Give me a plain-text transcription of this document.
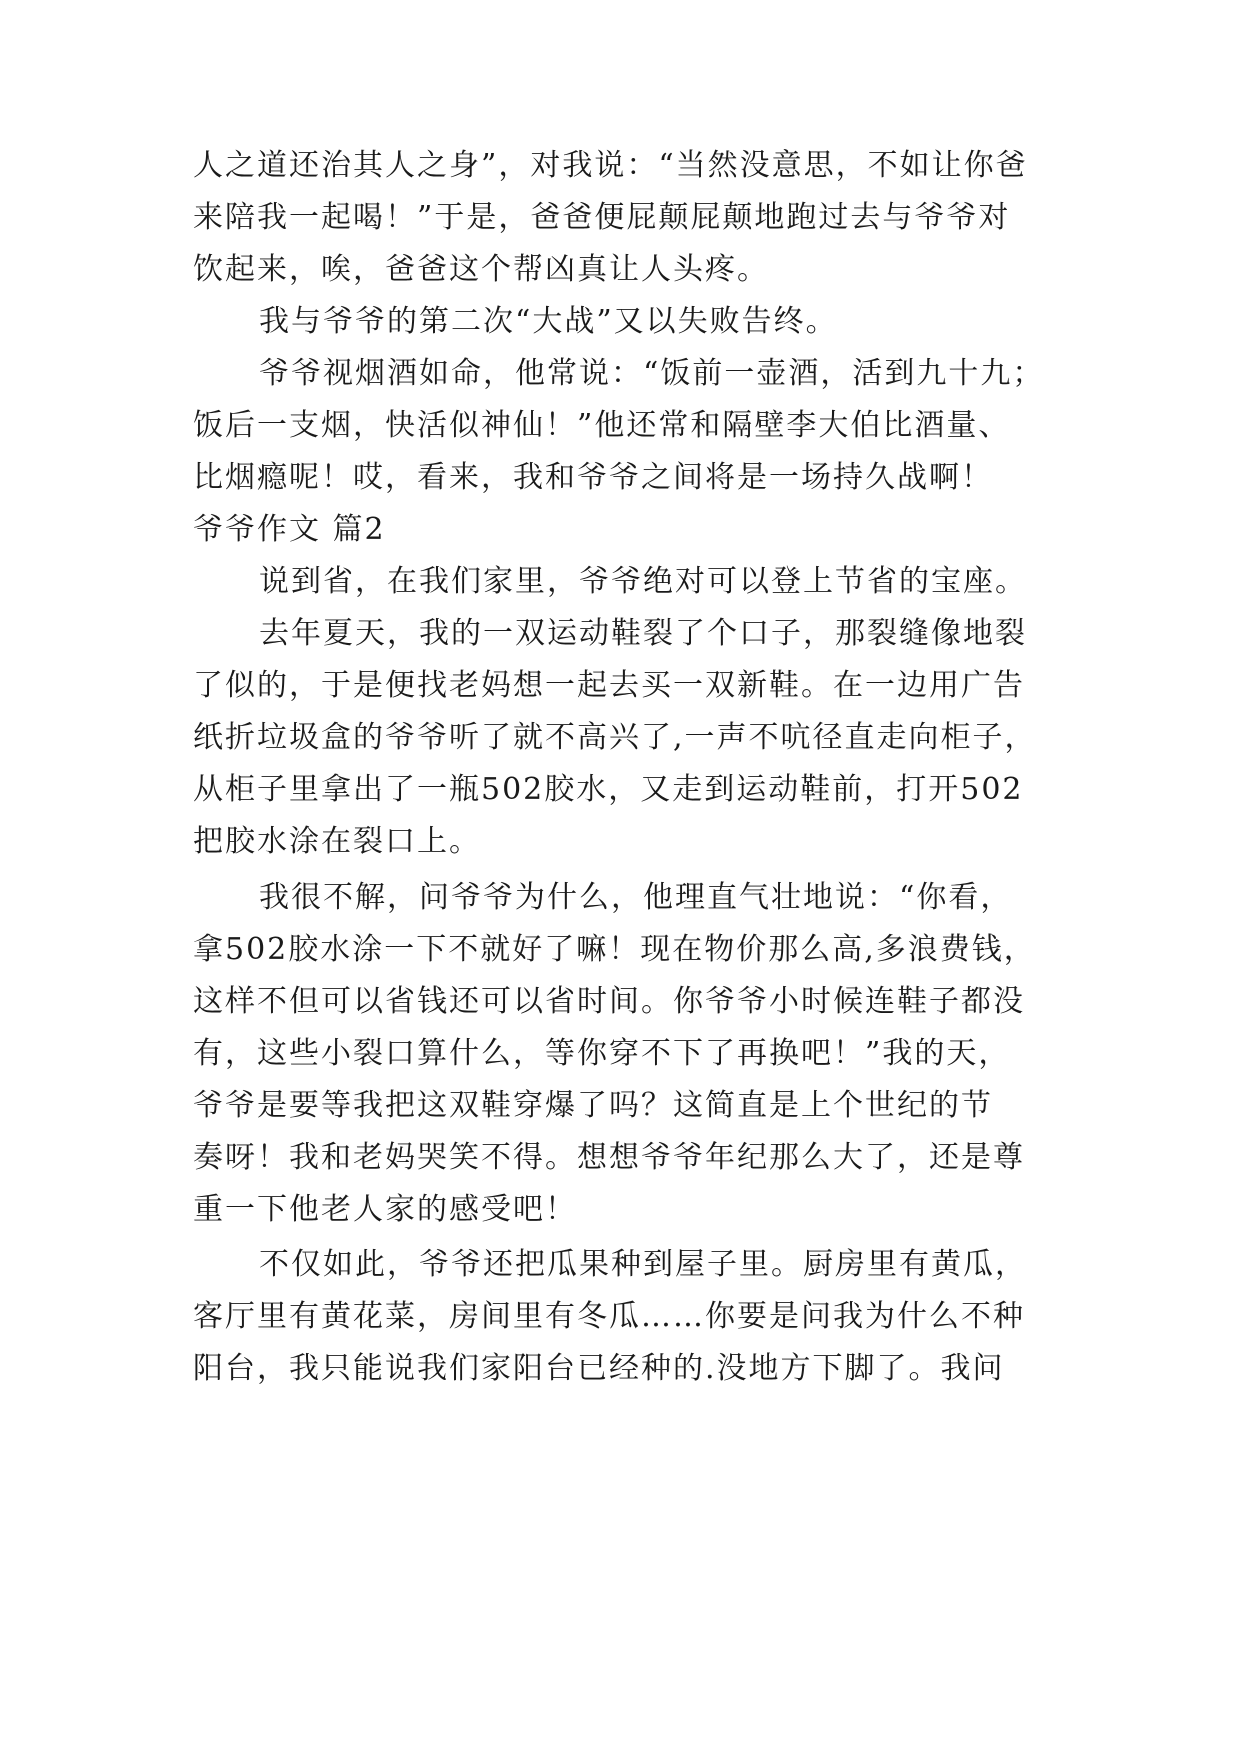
人之道还治其人之身”，对我说：“当然没意思，不如让你爸
来陪我一起喝！”于是，爸爸便屁颠屁颠地跑过去与爷爷对
饮起来，唉，爸爸这个帮凶真让人头疼。
我与爷爷的第二次“大战”又以失败告终。
爷爷视烟酒如命，他常说：“饭前一壶酒，活到九十九；
饭后一支烟，快活似神仙！”他还常和隔壁李大伯比酒量、
比烟瘾呢！哎，看来，我和爷爷之间将是一场持久战啊！
爷爷作文 篇2
说到省，在我们家里，爷爷绝对可以登上节省的宝座。
去年夏天，我的一双运动鞋裂了个口子，那裂缝像地裂
了似的，于是便找老妈想一起去买一双新鞋。在一边用广告
纸折垃圾盒的爷爷听了就不高兴了,一声不吭径直走向柜子，
从柜子里拿出了一瓶502胶水，又走到运动鞋前，打开502
把胶水涂在裂口上。
我很不解，问爷爷为什么，他理直气壮地说：“你看，
拿502胶水涂一下不就好了嘛！现在物价那么高,多浪费钱，
这样不但可以省钱还可以省时间。你爷爷小时候连鞋子都没
有，这些小裂口算什么，等你穿不下了再换吧！”我的天，
爷爷是要等我把这双鞋穿爆了吗？这简直是上个世纪的节
奏呀！我和老妈哭笑不得。想想爷爷年纪那么大了，还是尊
重一下他老人家的感受吧！
不仅如此，爷爷还把瓜果种到屋子里。厨房里有黄瓜，
客厅里有黄花菜，房间里有冬瓜……你要是问我为什么不种
阳台，我只能说我们家阳台已经种的.没地方下脚了。我问
